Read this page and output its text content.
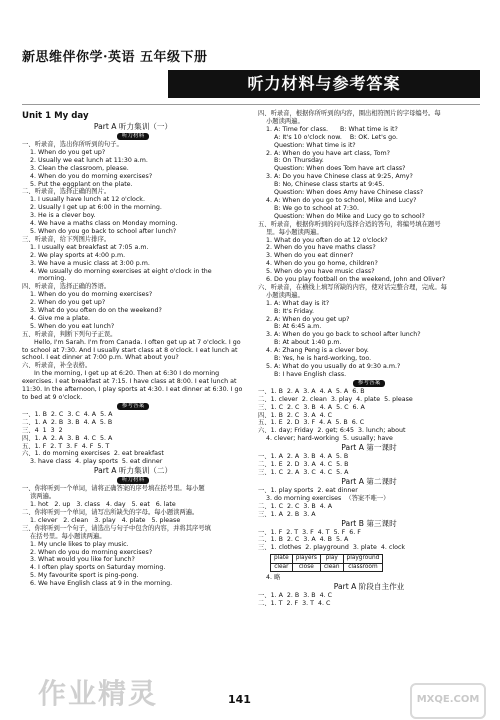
新思维伴你学·英语 五年级下册
听力材料与参考答案
Unit 1 My day
Part A 听力集训（一）
听力材料
一、听录音，选出你所听到的句子。
1. When do you get up?
2. Usually we eat lunch at 11:30 a.m.
3. Clean the classroom, please.
4. When do you do morning exercises?
5. Put the eggplant on the plate.
二、听录音，选择正确的图片。
1. I usually have lunch at 12 o'clock.
2. Usually I get up at 6:00 in the morning.
3. He is a clever boy.
4. We have a maths class on Monday morning.
5. When do you go back to school after lunch?
三、听录音，给下列图片排序。
1. I usually eat breakfast at 7:05 a.m.
2. We play sports at 4:00 p.m.
3. We have a music class at 3:00 p.m.
4. We usually do morning exercises at eight o'clock in the
morning.
四、听录音，选择正确的答语。
1. When do you do morning exercises?
2. When do you get up?
3. What do you often do on the weekend?
4. Give me a plate.
5. When do you eat lunch?
五、听录音，判断下列句子正误。
Hello, I'm Sarah. I'm from Canada. I often get up at 7 o'clock. I go to school at 7:30. And I usually start class at 8 o'clock. I eat lunch at school. I eat dinner at 7:00 p.m. What about you?
六、听录音，补全表格。
In the morning, I get up at 6:20. Then at 6:30 I do morning exercises. I eat breakfast at 7:15. I have class at 8:00. I eat lunch at 11:30. In the afternoon, I play sports at 4:30. I eat dinner at 6:30. I go to bed at 9 o'clock.
参考答案
一、1. B  2. C  3. C  4. A  5. A
二、1. A  2. B  3. B  4. A  5. B
三、4  1  3  2
四、1. A  2. A  3. B  4. C  5. A
五、1. F  2. T  3. F  4. F  5. T
六、1. do morning exercises  2. eat breakfast
3. have class  4. play sports  5. eat dinner
Part A 听力集训（二）
听力材料
一、你将听到一个单词，请将正确答案的序号填在括号里。每小题
读两遍。
1. hot   2. up   3. class   4. day   5. eat   6. late
二、你将听到一个单词，请写出所缺失的字母。每小题读两遍。
1. clever   2. clean   3. play   4. plate   5. please
三、你将听到一个句子，请选出与句子中包含的内容，并将其序号填
在括号里。每小题读两遍。
1. My uncle likes to play music.
2. When do you do morning exercises?
3. What would you like for lunch?
4. I often play sports on Saturday morning.
5. My favourite sport is ping-pong.
6. We have English class at 9 in the morning.
四、听录音，根据你所听到的内容，圈出相符图片的字母编号。每
小题读两遍。
1. A: Time for class.      B: What time is it?
A: It's 10 o'clock now.    B: OK. Let's go.
Question: What time is it?
2. A: When do you have art class, Tom?
B: On Thursday.
Question: When does Tom have art class?
3. A: Do you have Chinese class at 9:25, Amy?
B: No, Chinese class starts at 9:45.
Question: When does Amy have Chinese class?
4. A: When do you go to school, Mike and Lucy?
B: We go to school at 7:30.
Question: When do Mike and Lucy go to school?
五、听录音，根据你听到的问句选择合适的答句，将编号填在题号
里。每小题读两遍。
1. What do you often do at 12 o'clock?
2. When do you have maths class?
3. When do you eat dinner?
4. When do you go home, children?
5. When do you have music class?
6. Do you play football on the weekend, John and Oliver?
六、听录音，在横线上填写所缺的内容，使对话完整合理，完成。每
小题读两遍。
1. A: What day is it?
B: It's Friday.
2. A: When do you get up?
B: At 6:45 a.m.
3. A: When do you go back to school after lunch?
B: At about 1:40 p.m.
4. A: Zhang Peng is a clever boy.
B: Yes, he is hard-working, too.
5. A: What do you usually do at 9:30 a.m.?
B: I have English class.
参考答案
一、1. B  2. A  3. A  4. A  5. A  6. B
二、1. clever  2. clean  3. play  4. plate  5. please
三、1. C  2. C  3. B  4. A  5. C  6. A
四、1. B  2. C  3. A  4. C
五、1. E  2. D  3. F  4. A  5. B  6. C
六、1. day; Friday  2. get; 6:45  3. lunch; about
4. clever; hard-working  5. usually; have
Part A 第一课时
一、1. A  2. A  3. B  4. A  5. B
二、1. E  2. D  3. A  4. C  5. B
三、1. C  2. A  3. C  4. C  5. A
Part A 第二课时
一、1. play sports  2. eat dinner
3. do morning exercises  （答案不唯一）
二、1. C  2. C  3. B  4. A
三、1. A  2. B  3. A
Part B 第三课时
一、1. F  2. T  3. F  4. T  5. F  6. F
二、1. B  2. C  3. A  4. B  5. A
三、1. clothes  2. playground  3. plate  4. clock
plate	players	play	playground
clear	close	clean	classroom
4. 略
Part A 阶段自主作业
一、1. A  2. B  3. B  4. C
二、1. T  2. F  3. T  4. C
作业精灵	141	MXQE.COM
